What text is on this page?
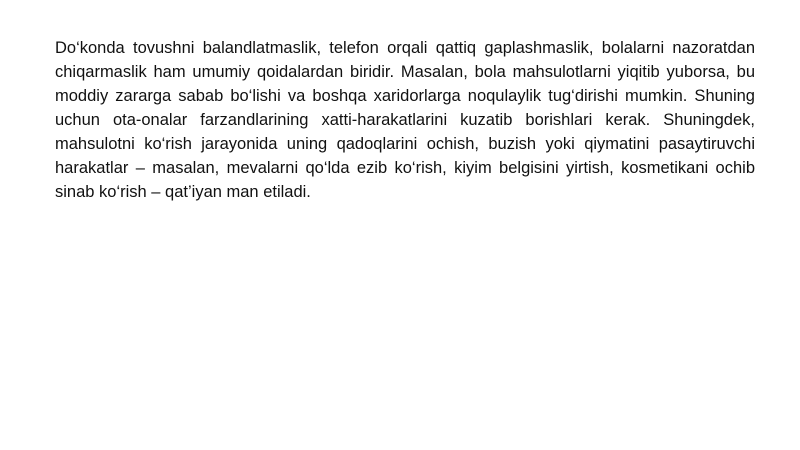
Do‘konda tovushni balandlatmaslik, telefon orqali qattiq gaplashmaslik, bolalarni nazoratdan chiqarmaslik ham umumiy qoidalardan biridir. Masalan, bola mahsulotlarni yiqitib yuborsa, bu moddiy zararga sabab bo‘lishi va boshqa xaridorlarga noqulaylik tug‘dirishi mumkin. Shuning uchun ota-onalar farzandlarining xatti-harakatlarini kuzatib borishlari kerak. Shuningdek, mahsulotni ko‘rish jarayonida uning qadoqlarini ochish, buzish yoki qiymatini pasaytiruvchi harakatlar – masalan, mevalarni qo‘lda ezib ko‘rish, kiyim belgisini yirtish, kosmetikani ochib sinab ko‘rish – qat’iyan man etiladi.
